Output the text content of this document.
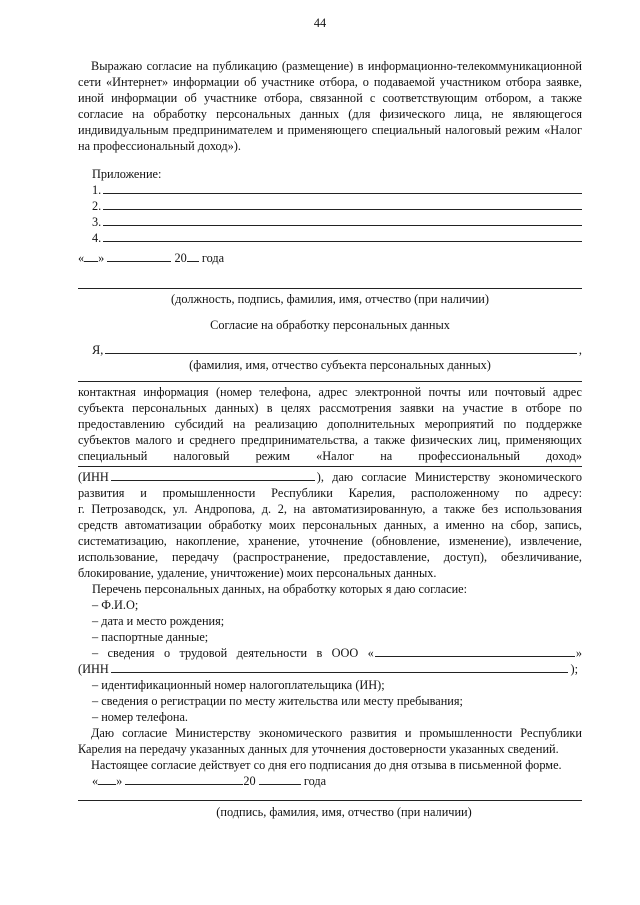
44
Выражаю согласие на публикацию (размещение) в информационно-телекоммуникационной сети «Интернет» информации об участнике отбора, о подаваемой участником отбора заявке, иной информации об участнике отбора, связанной с соответствующим отбором, а также согласие на обработку персональных данных (для физического лица, не являющегося индивидуальным предпринимателем и применяющего специальный налоговый режим «Налог на профессиональный доход»).
Приложение:
1.
2.
3.
4.
« »	20 года
(должность, подпись, фамилия, имя, отчество (при наличии)
Согласие на обработку персональных данных
Я,	,
(фамилия, имя, отчество субъекта персональных данных)
контактная информация (номер телефона, адрес электронной почты или почтовый адрес субъекта персональных данных) в целях рассмотрения заявки на участие в отборе по предоставлению субсидий на реализацию дополнительных мероприятий по поддержке субъектов малого и среднего предпринимательства, а также физических лиц, применяющих специальный налоговый режим «Налог на профессиональный доход»
(ИНН	), даю согласие Министерству экономического
развития и промышленности Республики Карелия, расположенному по адресу:
г. Петрозаводск, ул. Андропова, д. 2, на автоматизированную, а также без использования
средств автоматизации обработку моих персональных данных, а именно на сбор, запись,
систематизацию, накопление, хранение, уточнение (обновление, изменение), извлечение,
использование, передачу (распространение, предоставление, доступ), обезличивание,
блокирование, удаление, уничтожение) моих персональных данных.
Перечень персональных данных, на обработку которых я даю согласие:
– Ф.И.О;
– дата и место рождения;
– паспортные данные;
– сведения о трудовой деятельности в ООО «	»
(ИНН	);
– идентификационный номер налогоплательщика (ИН);
– сведения о регистрации по месту жительства или месту пребывания;
– номер телефона.
Даю согласие Министерству экономического развития и промышленности Республики Карелия на передачу указанных данных для уточнения достоверности указанных сведений.
Настоящее согласие действует со дня его подписания до дня отзыва в письменной форме.
« »	20	года
(подпись, фамилия, имя, отчество (при наличии)
